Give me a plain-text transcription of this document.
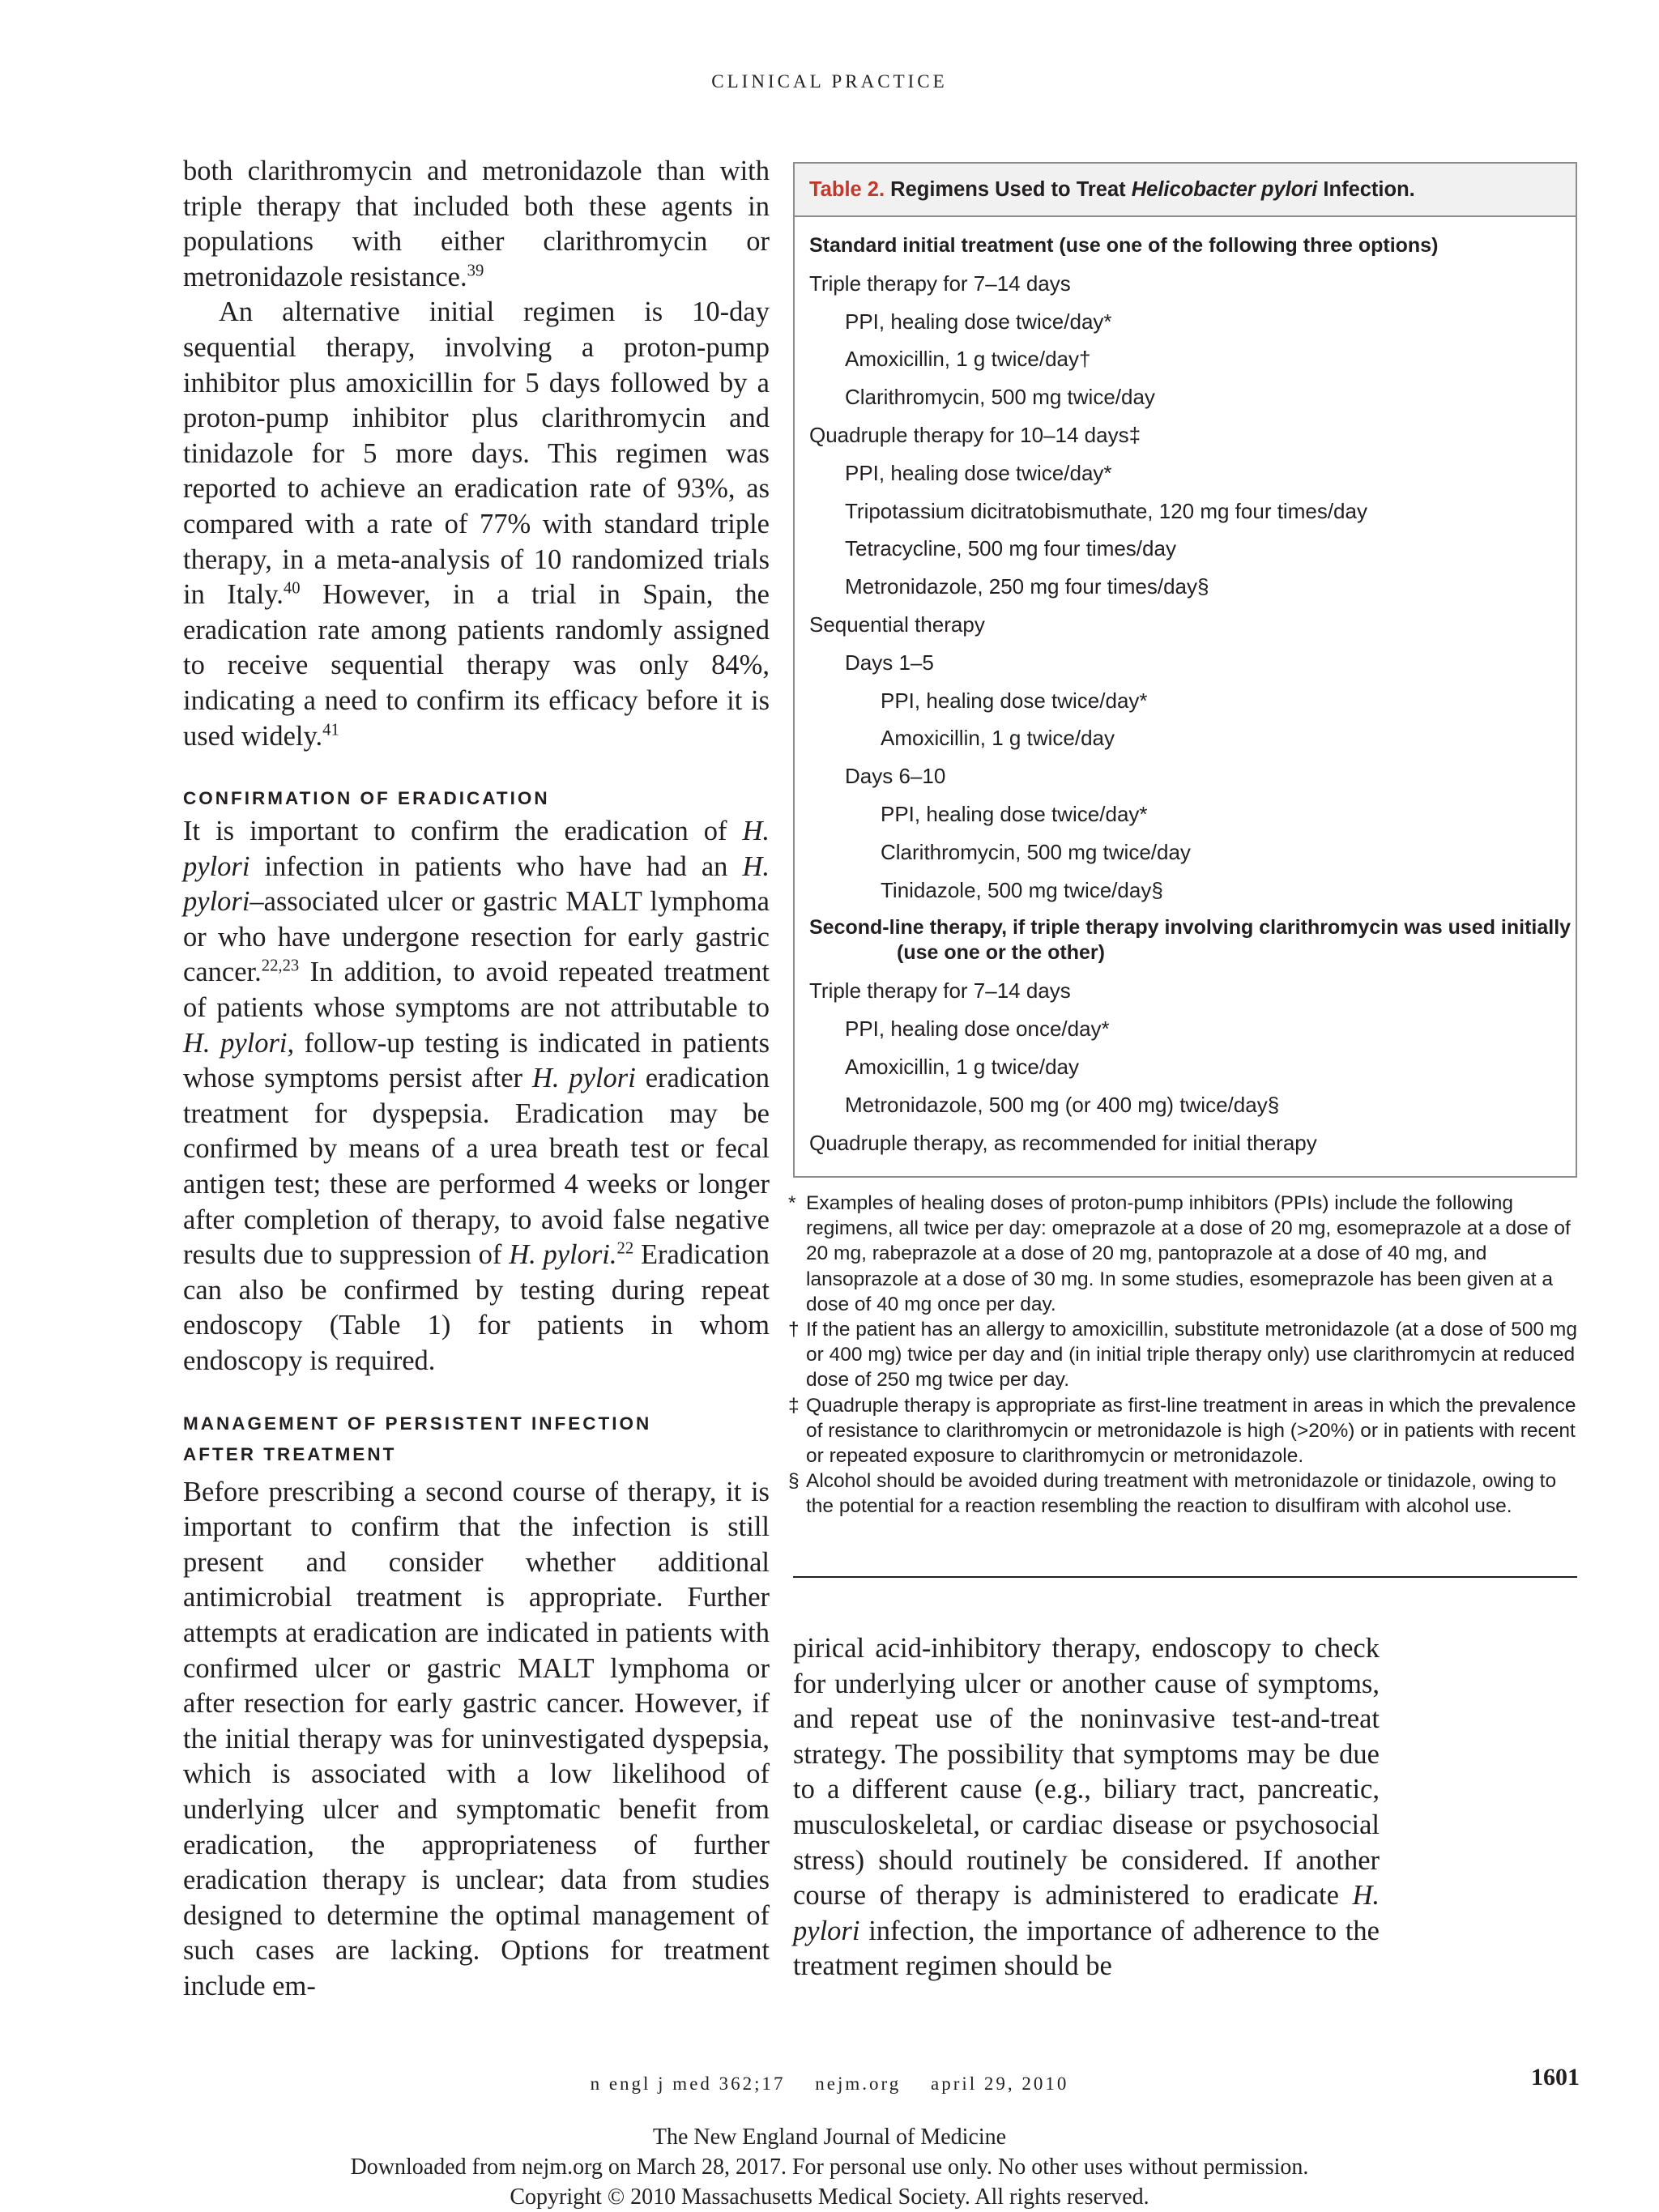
CLINICAL PRACTICE

both clarithromycin and metronidazole than with triple therapy that included both these agents in populations with either clarithromycin or metronidazole resistance.$^{39}$

An alternative initial regimen is 10-day sequential therapy, involving a proton-pump inhibitor plus amoxicillin for 5 days followed by a proton-pump inhibitor plus clarithromycin and tinidazole for 5 more days. This regimen was reported to achieve an eradication rate of 93%, as compared with a rate of 77% with standard triple therapy, in a meta-analysis of 10 randomized trials in Italy.$^{40}$ However, in a trial in Spain, the eradication rate among patients randomly assigned to receive sequential therapy was only 84%, indicating a need to confirm its efficacy before it is used widely.$^{41}$

CONFIRMATION OF ERADICATION

It is important to confirm the eradication of H. pylori infection in patients who have had an H. pylori–associated ulcer or gastric MALT lymphoma or who have undergone resection for early gastric cancer.$^{22,23}$ In addition, to avoid repeated treatment of patients whose symptoms are not attributable to H. pylori, follow-up testing is indicated in patients whose symptoms persist after H. pylori eradication treatment for dyspepsia. Eradication may be confirmed by means of a urea breath test or fecal antigen test; these are performed 4 weeks or longer after completion of therapy, to avoid false negative results due to suppression of H. pylori.$^{22}$ Eradication can also be confirmed by testing during repeat endoscopy (Table 1) for patients in whom endoscopy is required.

MANAGEMENT OF PERSISTENT INFECTION
AFTER TREATMENT

Before prescribing a second course of therapy, it is important to confirm that the infection is still present and consider whether additional antimicrobial treatment is appropriate. Further attempts at eradication are indicated in patients with confirmed ulcer or gastric MALT lymphoma or after resection for early gastric cancer. However, if the initial therapy was for uninvestigated dyspepsia, which is associated with a low likelihood of underlying ulcer and symptomatic benefit from eradication, the appropriateness of further eradication therapy is unclear; data from studies designed to determine the optimal management of such cases are lacking. Options for treatment include em-

Table 2. Regimens Used to Treat Helicobacter pylori Infection.
Standard initial treatment (use one of the following three options)
Triple therapy for 7–14 days
PPI, healing dose twice/day*
Amoxicillin, 1 g twice/day†
Clarithromycin, 500 mg twice/day
Quadruple therapy for 10–14 days‡
PPI, healing dose twice/day*
Tripotassium dicitratobismuthate, 120 mg four times/day
Tetracycline, 500 mg four times/day
Metronidazole, 250 mg four times/day§
Sequential therapy
Days 1–5
PPI, healing dose twice/day*
Amoxicillin, 1 g twice/day
Days 6–10
PPI, healing dose twice/day*
Clarithromycin, 500 mg twice/day
Tinidazole, 500 mg twice/day§
Second-line therapy, if triple therapy involving clarithromycin was used initially
(use one or the other)
Triple therapy for 7–14 days
PPI, healing dose once/day*
Amoxicillin, 1 g twice/day
Metronidazole, 500 mg (or 400 mg) twice/day§
Quadruple therapy, as recommended for initial therapy
* Examples of healing doses of proton-pump inhibitors (PPIs) include the following regimens, all twice per day: omeprazole at a dose of 20 mg, esomeprazole at a dose of 20 mg, rabeprazole at a dose of 20 mg, pantoprazole at a dose of 40 mg, and lansoprazole at a dose of 30 mg. In some studies, esomeprazole has been given at a dose of 40 mg once per day.
† If the patient has an allergy to amoxicillin, substitute metronidazole (at a dose of 500 mg or 400 mg) twice per day and (in initial triple therapy only) use clarithromycin at reduced dose of 250 mg twice per day.
‡ Quadruple therapy is appropriate as first-line treatment in areas in which the prevalence of resistance to clarithromycin or metronidazole is high (>20%) or in patients with recent or repeated exposure to clarithromycin or metronidazole.
§ Alcohol should be avoided during treatment with metronidazole or tinidazole, owing to the potential for a reaction resembling the reaction to disulfiram with alcohol use.

pirical acid-inhibitory therapy, endoscopy to check for underlying ulcer or another cause of symptoms, and repeat use of the noninvasive test-and-treat strategy. The possibility that symptoms may be due to a different cause (e.g., biliary tract, pancreatic, musculoskeletal, or cardiac disease or psychosocial stress) should routinely be considered. If another course of therapy is administered to eradicate H. pylori infection, the importance of adherence to the treatment regimen should be

n engl j med 362;17 nejm.org april 29, 2010	1601
The New England Journal of Medicine
Downloaded from nejm.org on March 28, 2017. For personal use only. No other uses without permission.
Copyright © 2010 Massachusetts Medical Society. All rights reserved.
